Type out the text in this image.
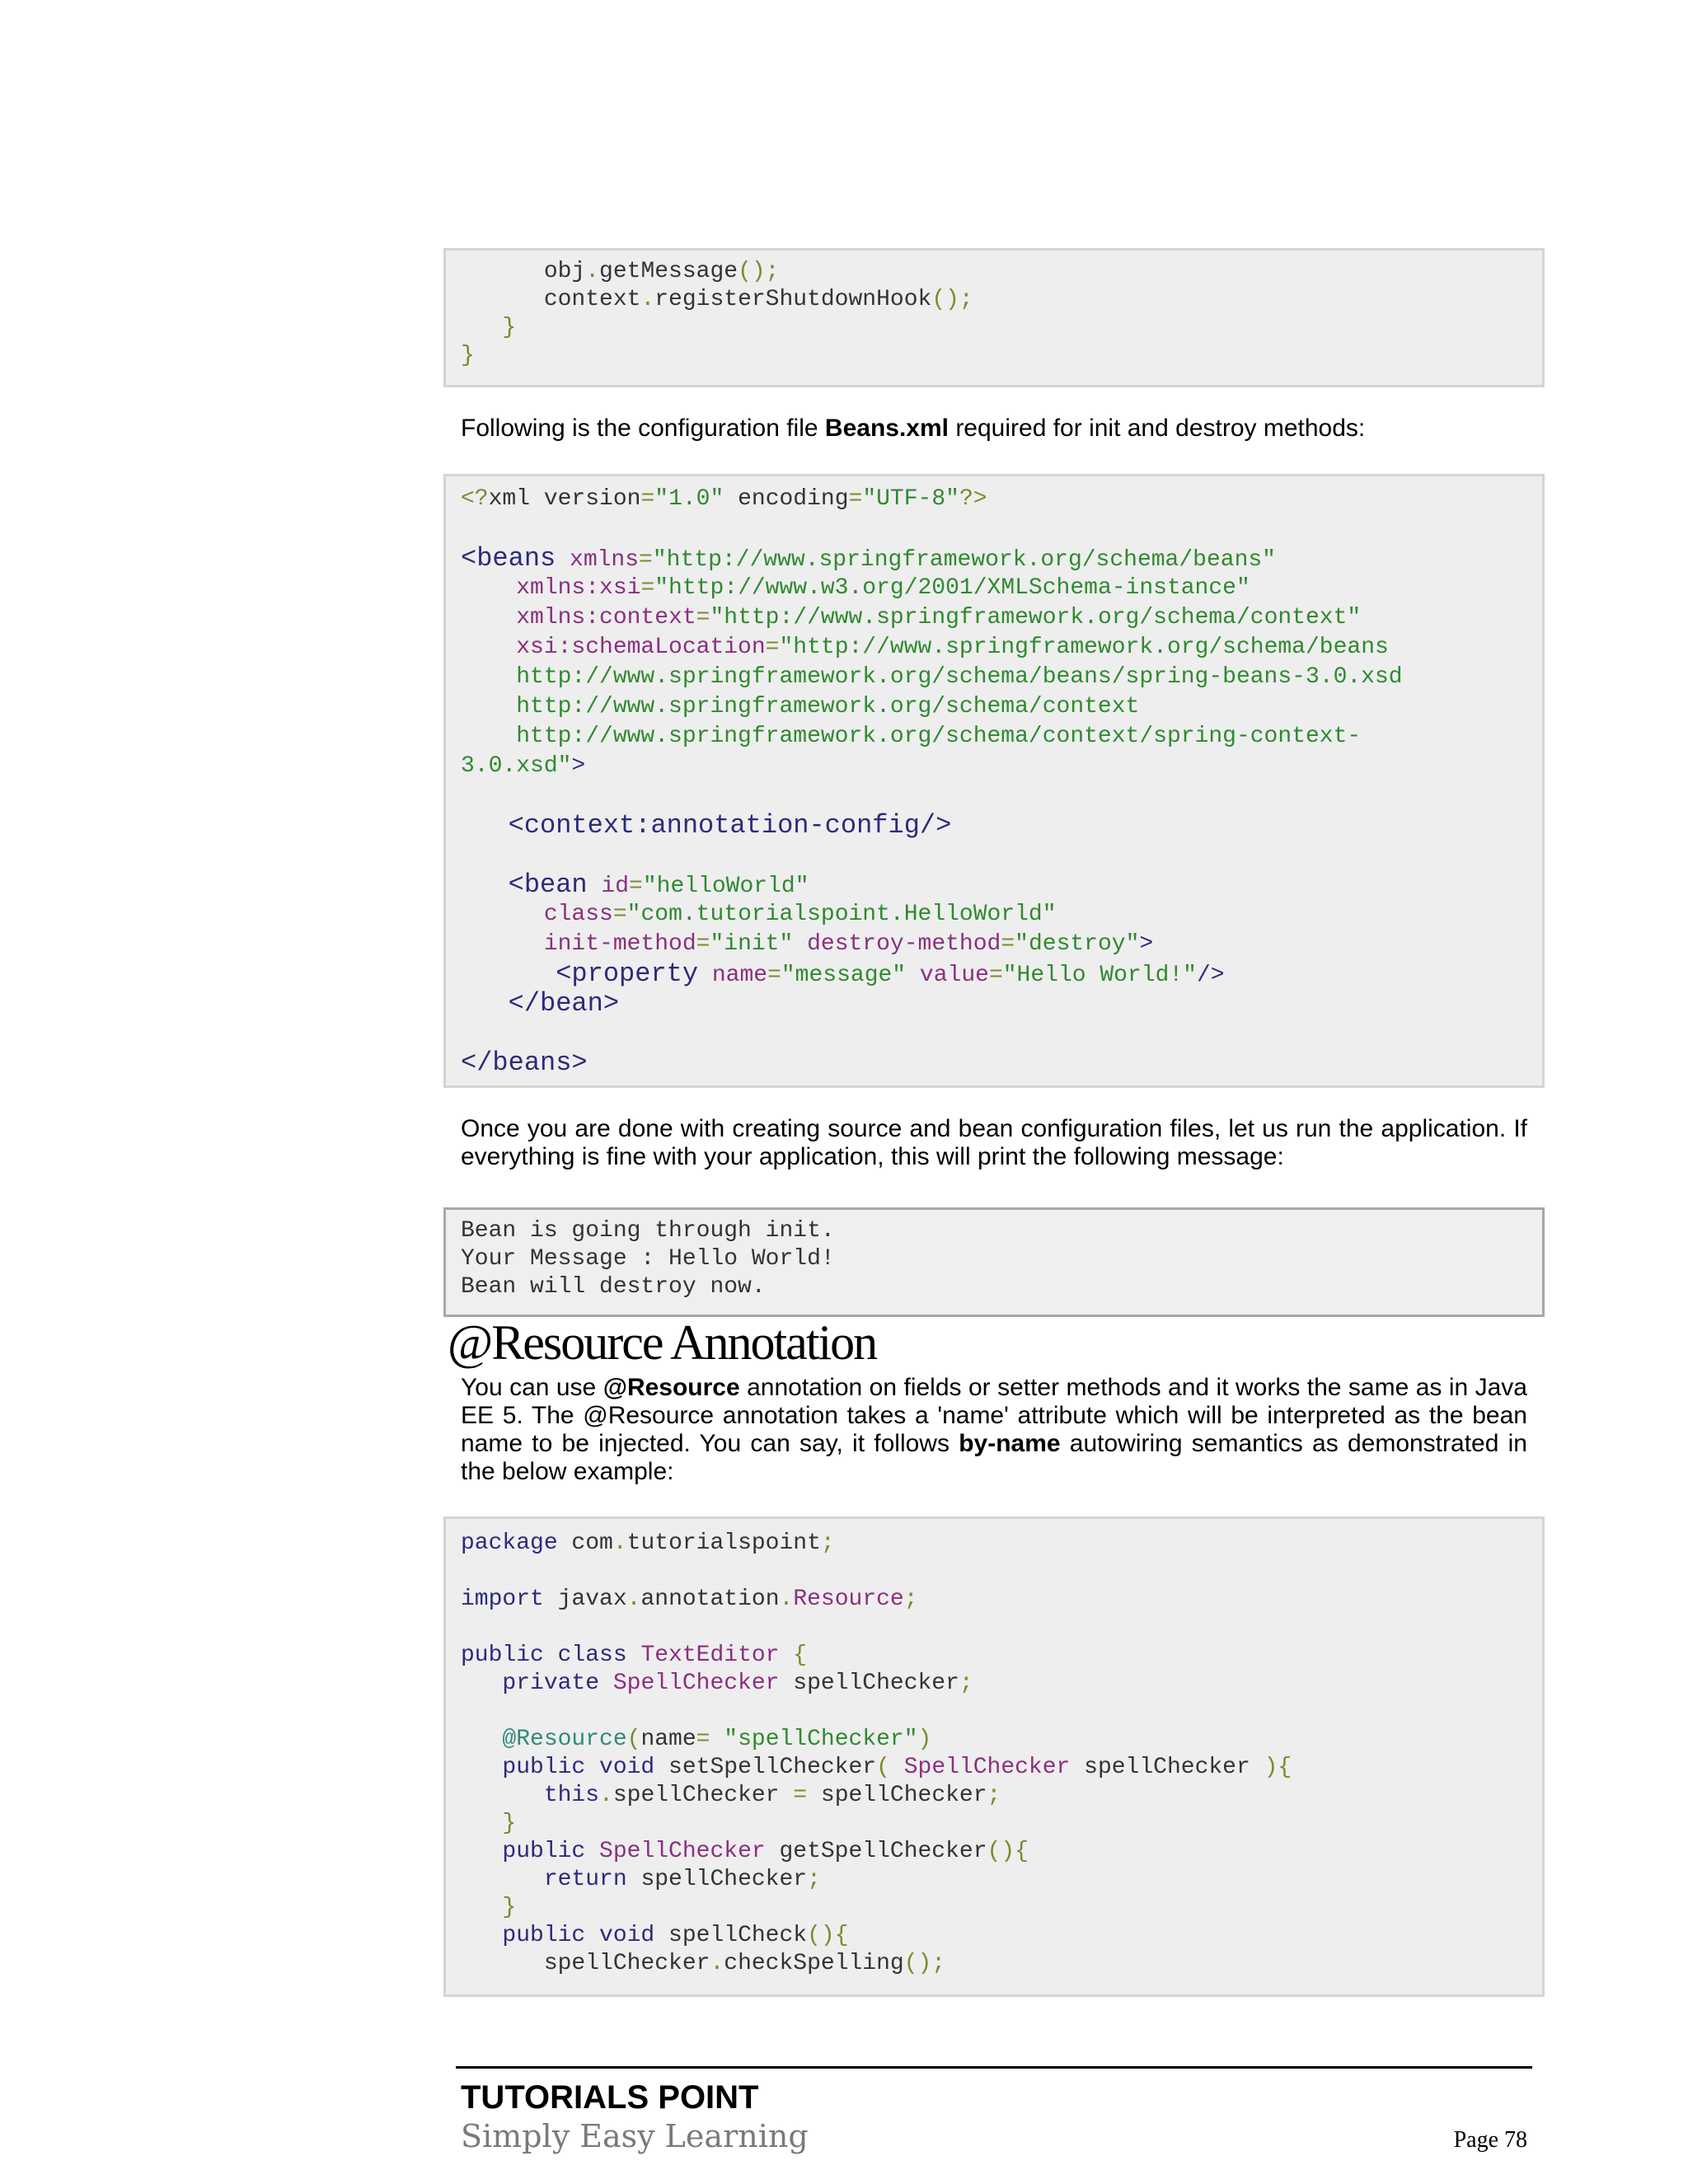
obj.getMessage();
context.registerShutdownHook();
}
}
Following is the configuration file Beans.xml required for init and destroy methods:
<?xml version="1.0" encoding="UTF-8"?>
<beans xmlns="http://www.springframework.org/schema/beans"
xmlns:xsi="http://www.w3.org/2001/XMLSchema-instance"
xmlns:context="http://www.springframework.org/schema/context"
xsi:schemaLocation="http://www.springframework.org/schema/beans
http://www.springframework.org/schema/beans/spring-beans-3.0.xsd
http://www.springframework.org/schema/context
http://www.springframework.org/schema/context/spring-context-
3.0.xsd">
<context:annotation-config/>
<bean id="helloWorld"
class="com.tutorialspoint.HelloWorld"
init-method="init" destroy-method="destroy">
<property name="message" value="Hello World!"/>
</bean>
</beans>
Once you are done with creating source and bean configuration files, let us run the application. If everything is fine with your application, this will print the following message:
Bean is going through init.
Your Message : Hello World!
Bean will destroy now.
@Resource Annotation
You can use @Resource annotation on fields or setter methods and it works the same as in Java EE 5. The @Resource annotation takes a 'name' attribute which will be interpreted as the bean name to be injected. You can say, it follows by-name autowiring semantics as demonstrated in the below example:
package com.tutorialspoint;
import javax.annotation.Resource;
public class TextEditor {
private SpellChecker spellChecker;
@Resource(name= "spellChecker")
public void setSpellChecker( SpellChecker spellChecker ){
this.spellChecker = spellChecker;
}
public SpellChecker getSpellChecker(){
return spellChecker;
}
public void spellCheck(){
spellChecker.checkSpelling();
TUTORIALS POINT
Simply Easy Learning	Page 78
